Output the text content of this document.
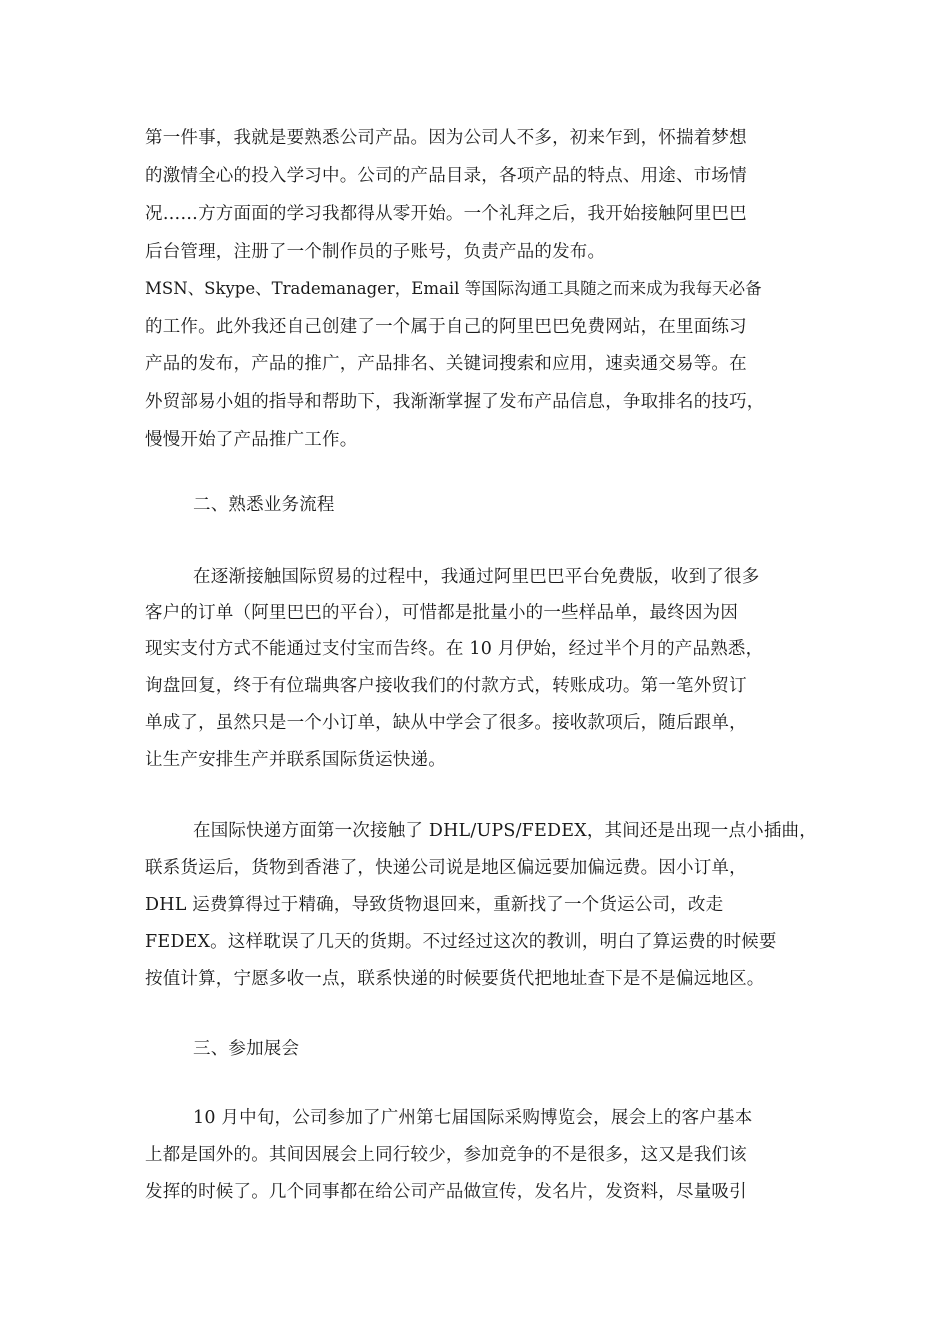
第一件事，我就是要熟悉公司产品。因为公司人不多，初来乍到，怀揣着梦想
的激情全心的投入学习中。公司的产品目录，各项产品的特点、用途、市场情
况……方方面面的学习我都得从零开始。一个礼拜之后，我开始接触阿里巴巴
后台管理，注册了一个制作员的子账号，负责产品的发布。
MSN、Skype、Trademanager，Email 等国际沟通工具随之而来成为我每天必备
的工作。此外我还自己创建了一个属于自己的阿里巴巴免费网站，在里面练习
产品的发布，产品的推广，产品排名、关键词搜索和应用，速卖通交易等。在
外贸部易小姐的指导和帮助下，我渐渐掌握了发布产品信息，争取排名的技巧，
慢慢开始了产品推广工作。
二、熟悉业务流程
在逐渐接触国际贸易的过程中，我通过阿里巴巴平台免费版，收到了很多
客户的订单（阿里巴巴的平台），可惜都是批量小的一些样品单，最终因为因
现实支付方式不能通过支付宝而告终。在 10 月伊始，经过半个月的产品熟悉，
询盘回复，终于有位瑞典客户接收我们的付款方式，转账成功。第一笔外贸订
单成了，虽然只是一个小订单，缺从中学会了很多。接收款项后，随后跟单，
让生产安排生产并联系国际货运快递。
在国际快递方面第一次接触了 DHL/UPS/FEDEX，其间还是出现一点小插曲，
联系货运后，货物到香港了，快递公司说是地区偏远要加偏远费。因小订单，
DHL 运费算得过于精确，导致货物退回来，重新找了一个货运公司，改走
FEDEX。这样耽误了几天的货期。不过经过这次的教训，明白了算运费的时候要
按值计算，宁愿多收一点，联系快递的时候要货代把地址查下是不是偏远地区。
三、参加展会
10 月中旬，公司参加了广州第七届国际采购博览会，展会上的客户基本
上都是国外的。其间因展会上同行较少，参加竞争的不是很多，这又是我们该
发挥的时候了。几个同事都在给公司产品做宣传，发名片，发资料，尽量吸引
